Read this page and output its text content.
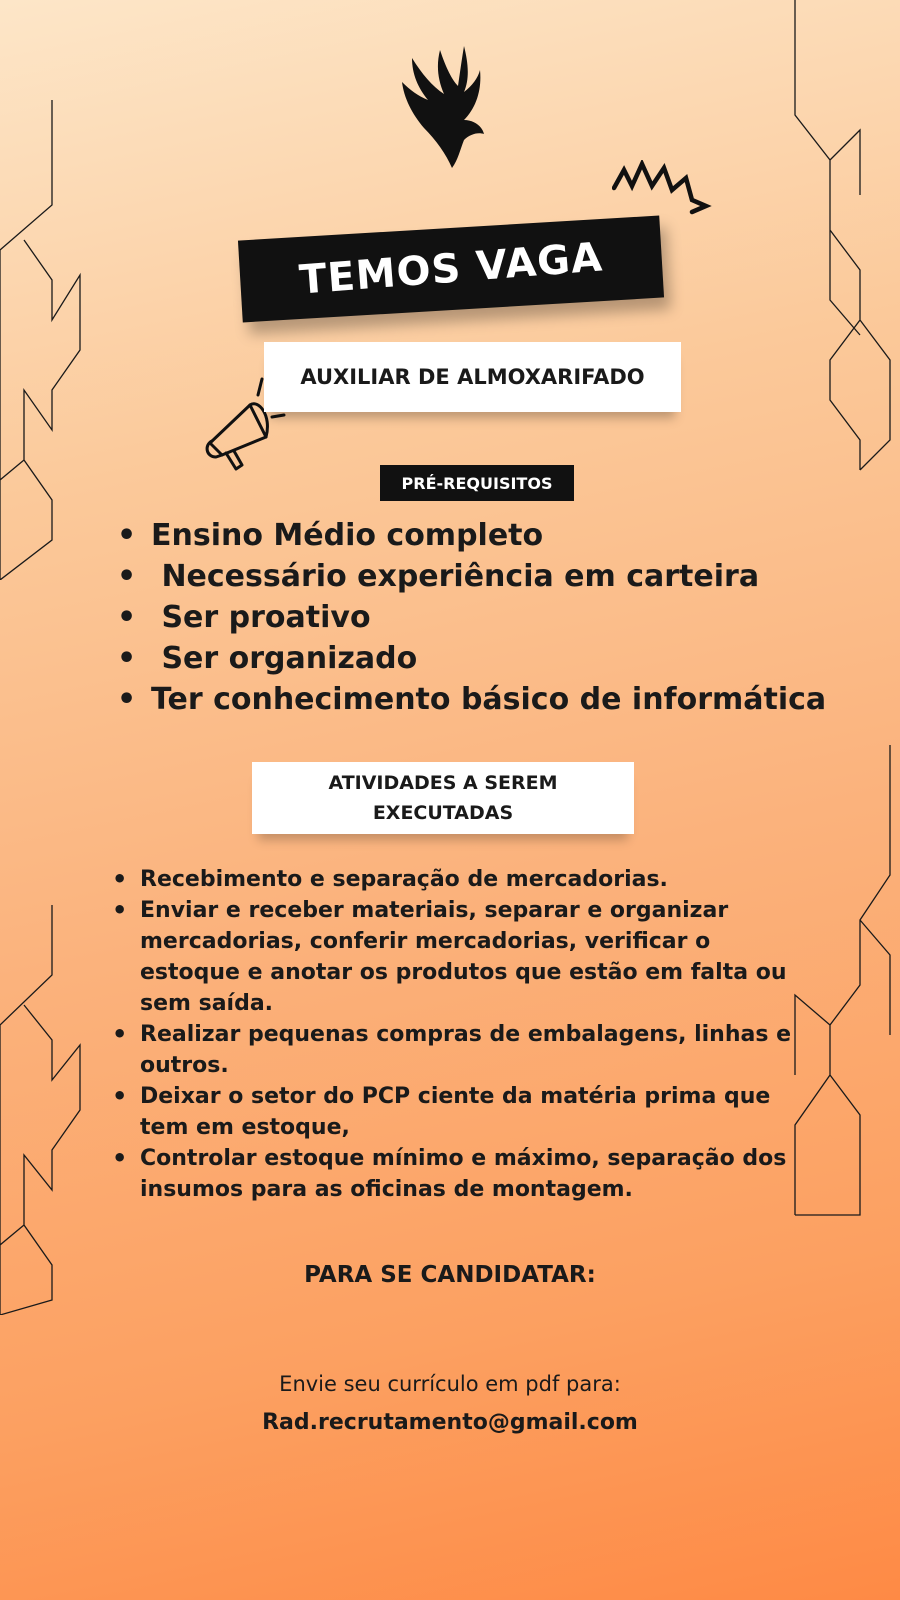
TEMOS VAGA
AUXILIAR DE ALMOXARIFADO
PRÉ-REQUISITOS
• Ensino Médio completo
• Necessário experiência em carteira
• Ser proativo
• Ser organizado
• Ter conhecimento básico de informática
ATIVIDADES A SEREM
EXECUTADAS
• Recebimento e separação de mercadorias.
• Enviar e receber materiais, separar e organizar mercadorias, conferir mercadorias, verificar o estoque e anotar os produtos que estão em falta ou sem saída.
• Realizar pequenas compras de embalagens, linhas e outros.
• Deixar o setor do PCP ciente da matéria prima que tem em estoque,
• Controlar estoque mínimo e máximo, separação dos insumos para as oficinas de montagem.
PARA SE CANDIDATAR:
Envie seu currículo em pdf para:
Rad.recrutamento@gmail.com
